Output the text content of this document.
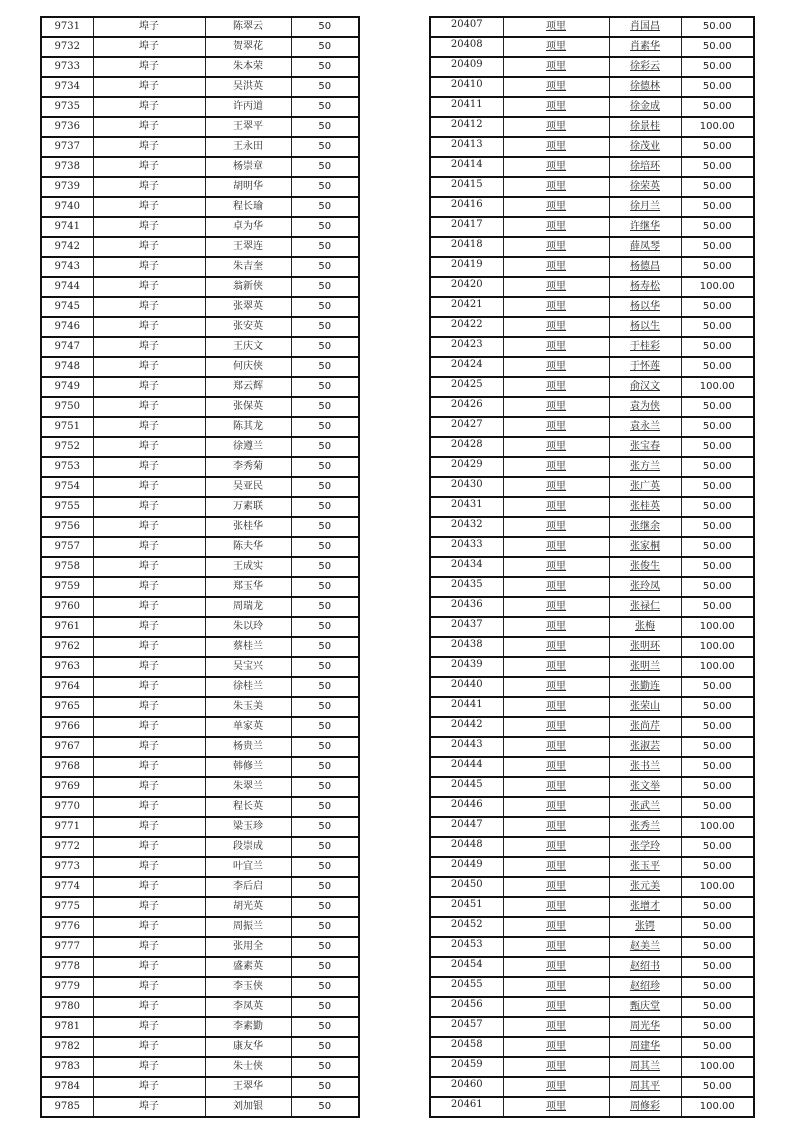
9731	埠子	陈翠云	50
9732	埠子	贺翠花	50
9733	埠子	朱本荣	50
9734	埠子	吴洪英	50
9735	埠子	许丙道	50
9736	埠子	王翠平	50
9737	埠子	王永田	50
9738	埠子	杨崇章	50
9739	埠子	胡明华	50
9740	埠子	程长瑜	50
9741	埠子	卓为华	50
9742	埠子	王翠连	50
9743	埠子	朱吉奎	50
9744	埠子	翁新侠	50
9745	埠子	张翠英	50
9746	埠子	张安英	50
9747	埠子	王庆文	50
9748	埠子	何庆侠	50
9749	埠子	郑云辉	50
9750	埠子	张保英	50
9751	埠子	陈其龙	50
9752	埠子	徐遵兰	50
9753	埠子	李秀菊	50
9754	埠子	吴亚民	50
9755	埠子	万素联	50
9756	埠子	张桂华	50
9757	埠子	陈夫华	50
9758	埠子	王成实	50
9759	埠子	郑玉华	50
9760	埠子	周瑞龙	50
9761	埠子	朱以玲	50
9762	埠子	蔡桂兰	50
9763	埠子	吴宝兴	50
9764	埠子	徐桂兰	50
9765	埠子	朱玉美	50
9766	埠子	单家英	50
9767	埠子	杨贵兰	50
9768	埠子	韩修兰	50
9769	埠子	朱翠兰	50
9770	埠子	程长英	50
9771	埠子	梁玉珍	50
9772	埠子	段崇成	50
9773	埠子	叶宜兰	50
9774	埠子	李后启	50
9775	埠子	胡光英	50
9776	埠子	周振兰	50
9777	埠子	张用全	50
9778	埠子	盛素英	50
9779	埠子	李玉侠	50
9780	埠子	李凤英	50
9781	埠子	李素勤	50
9782	埠子	康友华	50
9783	埠子	朱士侠	50
9784	埠子	王翠华	50
9785	埠子	刘加银	50
20407	项里	肖国昌	50.00
20408	项里	肖素华	50.00
20409	项里	徐彩云	50.00
20410	项里	徐德林	50.00
20411	项里	徐金成	50.00
20412	项里	徐景桂	100.00
20413	项里	徐茂业	50.00
20414	项里	徐培环	50.00
20415	项里	徐荣英	50.00
20416	项里	徐月兰	50.00
20417	项里	许继华	50.00
20418	项里	薛凤琴	50.00
20419	项里	杨德昌	50.00
20420	项里	杨寿松	100.00
20421	项里	杨以华	50.00
20422	项里	杨以生	50.00
20423	项里	于桂彩	50.00
20424	项里	于怀莲	50.00
20425	项里	俞汉文	100.00
20426	项里	袁为侠	50.00
20427	项里	袁永兰	50.00
20428	项里	张宝春	50.00
20429	项里	张方兰	50.00
20430	项里	张广英	50.00
20431	项里	张桂英	50.00
20432	项里	张继余	50.00
20433	项里	张家桐	50.00
20434	项里	张俊生	50.00
20435	项里	张玲凤	50.00
20436	项里	张禄仁	50.00
20437	项里	张梅	100.00
20438	项里	张明环	100.00
20439	项里	张明兰	100.00
20440	项里	张勤连	50.00
20441	项里	张荣山	50.00
20442	项里	张尚芹	50.00
20443	项里	张淑芸	50.00
20444	项里	张书兰	50.00
20445	项里	张文举	50.00
20446	项里	张武兰	50.00
20447	项里	张秀兰	100.00
20448	项里	张学玲	50.00
20449	项里	张玉平	50.00
20450	项里	张元美	100.00
20451	项里	张增才	50.00
20452	项里	张锷	50.00
20453	项里	赵美兰	50.00
20454	项里	赵绍书	50.00
20455	项里	赵绍珍	50.00
20456	项里	甄庆堂	50.00
20457	项里	周光华	50.00
20458	项里	周建华	50.00
20459	项里	周其兰	100.00
20460	项里	周其平	50.00
20461	项里	周修彩	100.00
